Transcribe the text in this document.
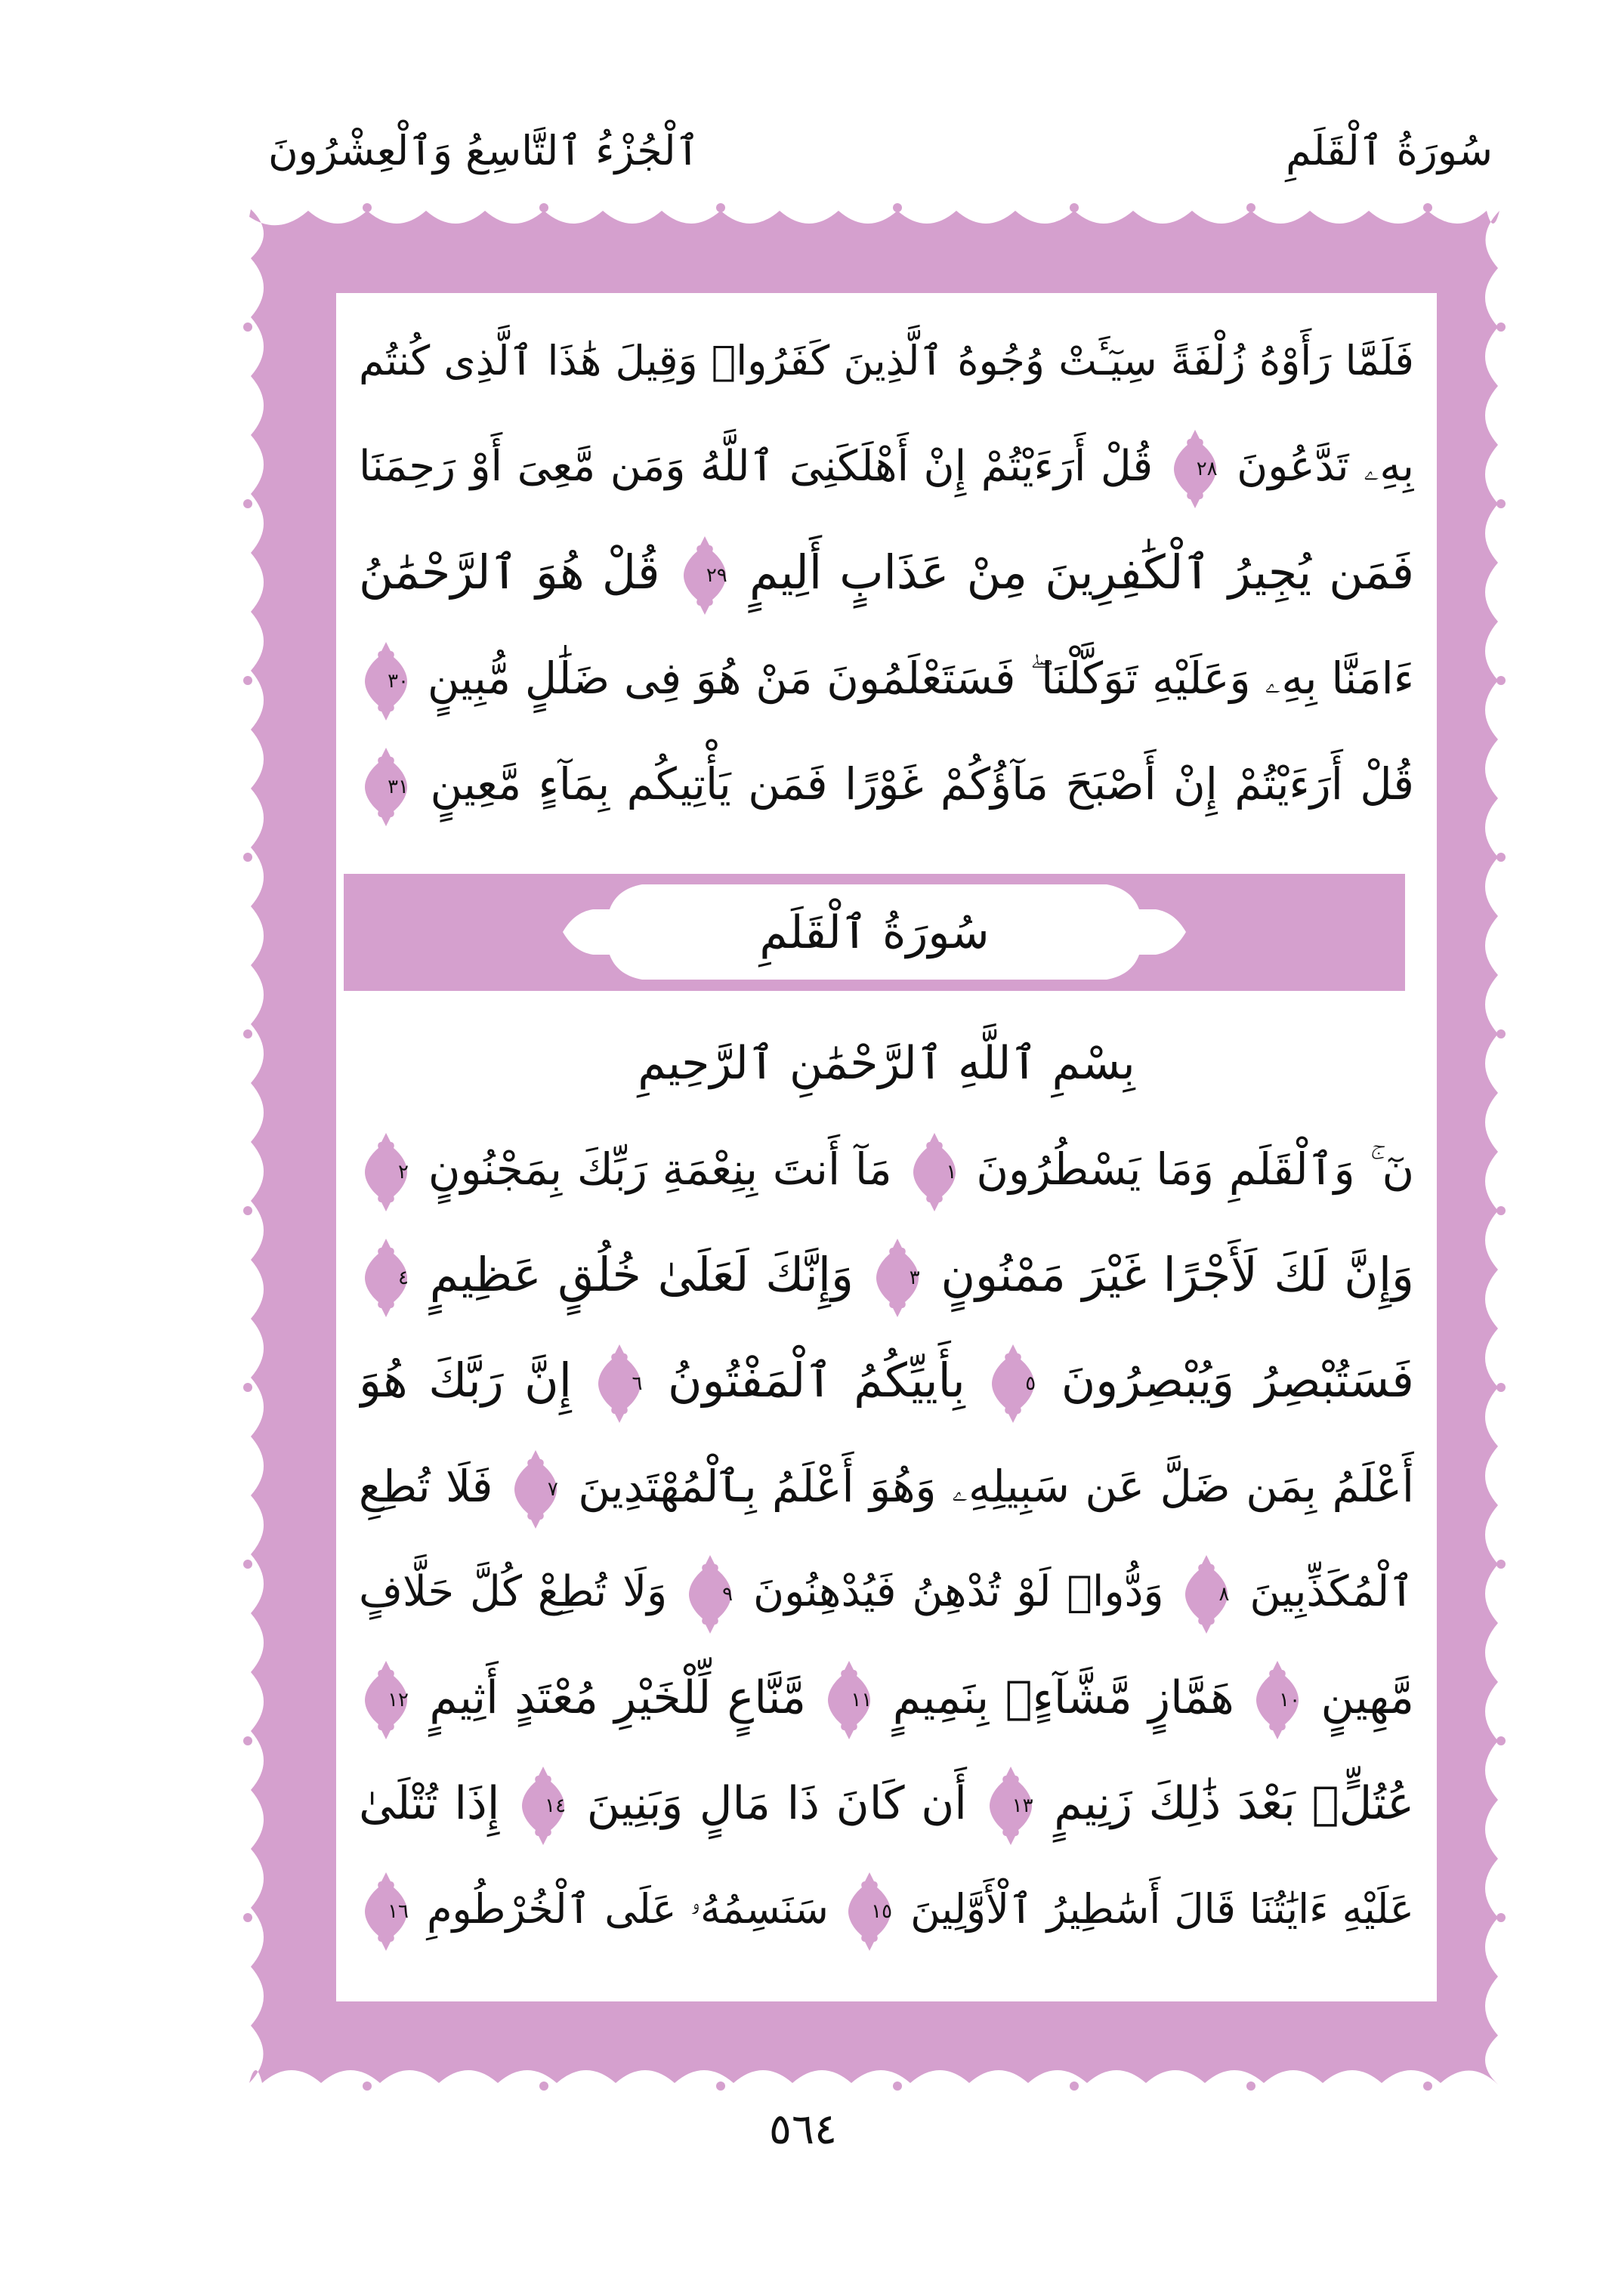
سُورَةُ ٱلْقَلَمِ
ٱلْجُزْءُ ٱلتَّاسِعُ وَٱلْعِشْرُونَ
فَلَمَّا رَأَوْهُ زُلْفَةً سِيٓـَٔتْ وُجُوهُ ٱلَّذِينَ كَفَرُوا۟ وَقِيلَ هَٰذَا ٱلَّذِى كُنتُم
بِهِۦ تَدَّعُونَ
٢٨
قُلْ أَرَءَيْتُمْ إِنْ أَهْلَكَنِىَ ٱللَّهُ وَمَن مَّعِىَ أَوْ رَحِمَنَا
فَمَن يُجِيرُ ٱلْكَٰفِرِينَ مِنْ عَذَابٍ أَلِيمٍ
٢٩
قُلْ هُوَ ٱلرَّحْمَٰنُ
ءَامَنَّا بِهِۦ وَعَلَيْهِ تَوَكَّلْنَا ۖ فَسَتَعْلَمُونَ مَنْ هُوَ فِى ضَلَٰلٍ مُّبِينٍ
٣٠
قُلْ أَرَءَيْتُمْ إِنْ أَصْبَحَ مَآؤُكُمْ غَوْرًا فَمَن يَأْتِيكُم بِمَآءٍ مَّعِينٍ
٣١
سُورَةُ ٱلْقَلَمِ
بِسْمِ ٱللَّهِ ٱلرَّحْمَٰنِ ٱلرَّحِيمِ
نٓ ۚ وَٱلْقَلَمِ وَمَا يَسْطُرُونَ
١
مَآ أَنتَ بِنِعْمَةِ رَبِّكَ بِمَجْنُونٍ
٢
وَإِنَّ لَكَ لَأَجْرًا غَيْرَ مَمْنُونٍ
٣
وَإِنَّكَ لَعَلَىٰ خُلُقٍ عَظِيمٍ
٤
فَسَتُبْصِرُ وَيُبْصِرُونَ
٥
بِأَييِّكُمُ ٱلْمَفْتُونُ
٦
إِنَّ رَبَّكَ هُوَ
أَعْلَمُ بِمَن ضَلَّ عَن سَبِيلِهِۦ وَهُوَ أَعْلَمُ بِٱلْمُهْتَدِينَ
٧
فَلَا تُطِعِ
ٱلْمُكَذِّبِينَ
٨
وَدُّوا۟ لَوْ تُدْهِنُ فَيُدْهِنُونَ
٩
وَلَا تُطِعْ كُلَّ حَلَّافٍ
مَّهِينٍ
١٠
هَمَّازٍ مَّشَّآءٍۭ بِنَمِيمٍ
١١
مَّنَّاعٍ لِّلْخَيْرِ مُعْتَدٍ أَثِيمٍ
١٢
عُتُلٍّۭ بَعْدَ ذَٰلِكَ زَنِيمٍ
١٣
أَن كَانَ ذَا مَالٍ وَبَنِينَ
١٤
إِذَا تُتْلَىٰ
عَلَيْهِ ءَايَٰتُنَا قَالَ أَسَٰطِيرُ ٱلْأَوَّلِينَ
١٥
سَنَسِمُهُۥ عَلَى ٱلْخُرْطُومِ
١٦
٥٦٤
